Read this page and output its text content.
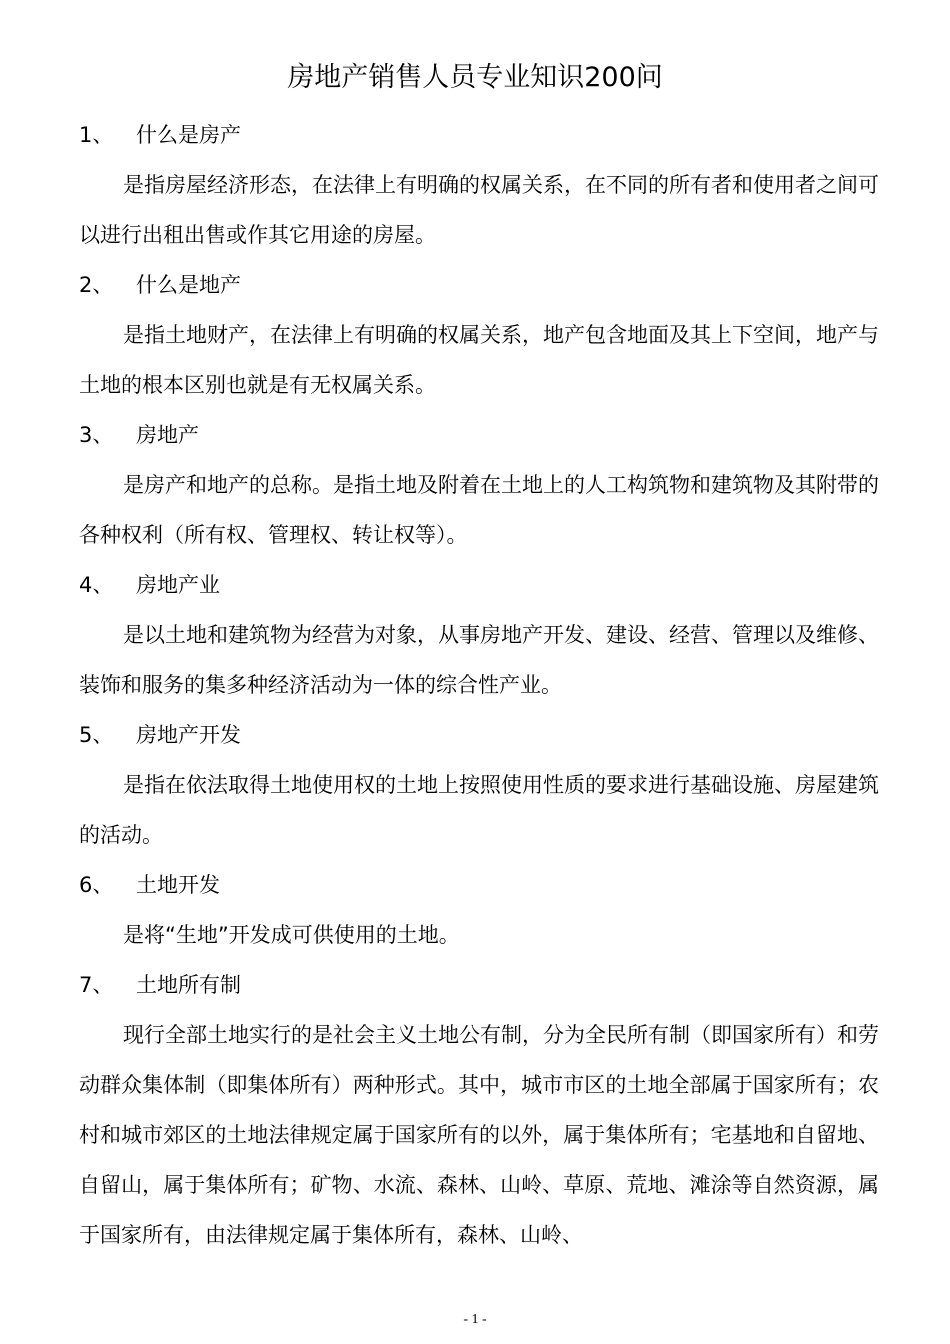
房地产销售人员专业知识200问
1、 什么是房产

是指房屋经济形态，在法律上有明确的权属关系，在不同的所有者和使用者之间可以进行出租出售或作其它用途的房屋。

2、 什么是地产

是指土地财产，在法律上有明确的权属关系，地产包含地面及其上下空间，地产与土地的根本区别也就是有无权属关系。

3、 房地产

是房产和地产的总称。是指土地及附着在土地上的人工构筑物和建筑物及其附带的各种权利（所有权、管理权、转让权等）。

4、 房地产业

是以土地和建筑物为经营为对象，从事房地产开发、建设、经营、管理以及维修、装饰和服务的集多种经济活动为一体的综合性产业。

5、 房地产开发

是指在依法取得土地使用权的土地上按照使用性质的要求进行基础设施、房屋建筑的活动。

6、 土地开发

是将“生地”开发成可供使用的土地。

7、 土地所有制

现行全部土地实行的是社会主义土地公有制，分为全民所有制（即国家所有）和劳动群众集体制（即集体所有）两种形式。其中，城市市区的土地全部属于国家所有；农村和城市郊区的土地法律规定属于国家所有的以外，属于集体所有；宅基地和自留地、自留山，属于集体所有；矿物、水流、森林、山岭、草原、荒地、滩涂等自然资源，属于国家所有，由法律规定属于集体所有，森林、山岭、

- 1 -
